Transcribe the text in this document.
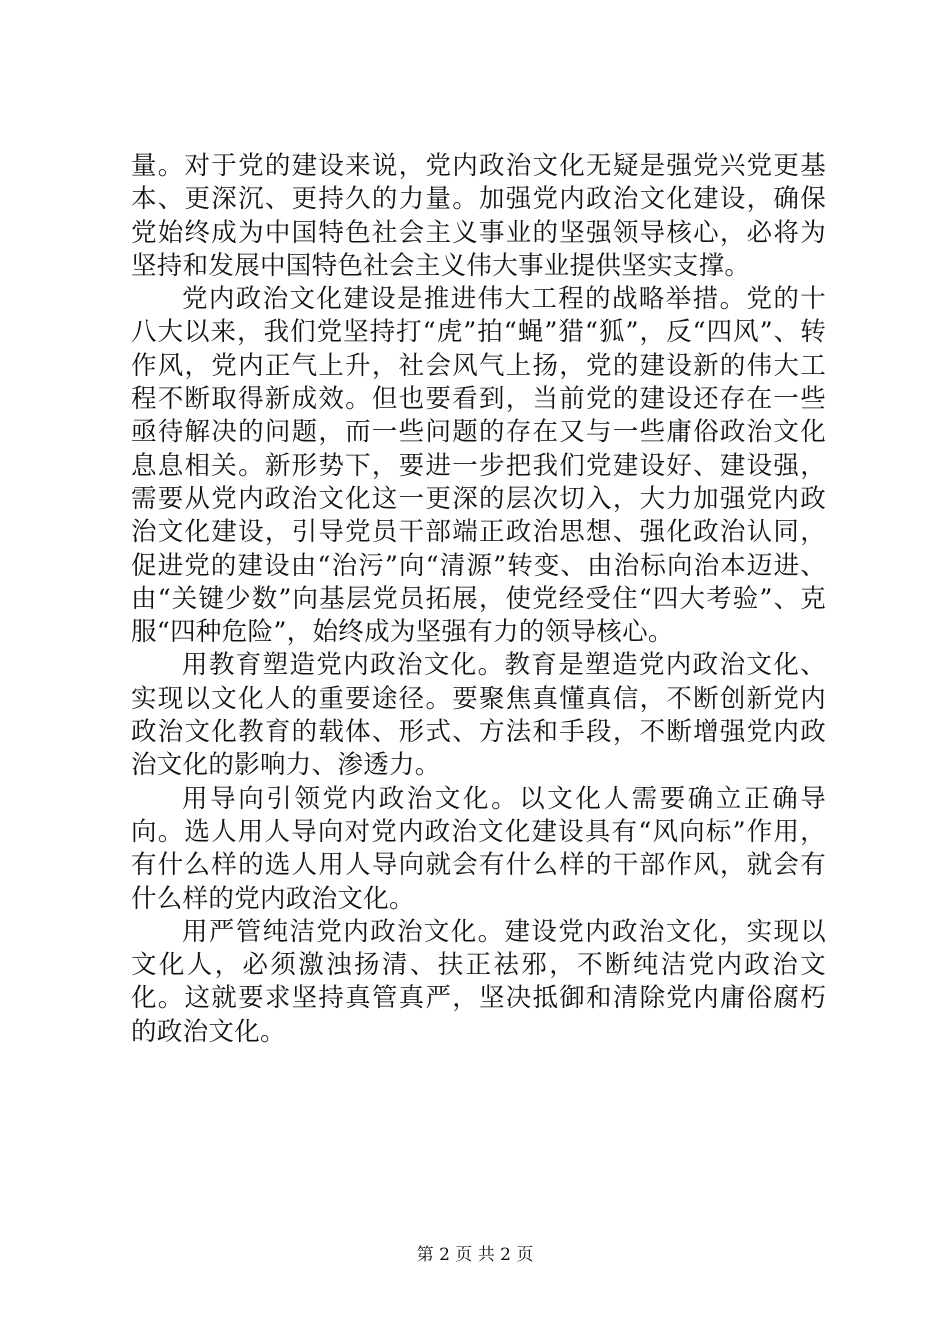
量。对于党的建设来说，党内政治文化无疑是强党兴党更基本、更深沉、更持久的力量。加强党内政治文化建设，确保党始终成为中国特色社会主义事业的坚强领导核心，必将为坚持和发展中国特色社会主义伟大事业提供坚实支撑。

党内政治文化建设是推进伟大工程的战略举措。党的十八大以来，我们党坚持打“虎”拍“蝇”猎“狐”，反“四风”、转作风，党内正气上升，社会风气上扬，党的建设新的伟大工程不断取得新成效。但也要看到，当前党的建设还存在一些亟待解决的问题，而一些问题的存在又与一些庸俗政治文化息息相关。新形势下，要进一步把我们党建设好、建设强，需要从党内政治文化这一更深的层次切入，大力加强党内政治文化建设，引导党员干部端正政治思想、强化政治认同，促进党的建设由“治污”向“清源”转变、由治标向治本迈进、由“关键少数”向基层党员拓展，使党经受住“四大考验”、克服“四种危险”，始终成为坚强有力的领导核心。

用教育塑造党内政治文化。教育是塑造党内政治文化、实现以文化人的重要途径。要聚焦真懂真信，不断创新党内政治文化教育的载体、形式、方法和手段，不断增强党内政治文化的影响力、渗透力。

用导向引领党内政治文化。以文化人需要确立正确导向。选人用人导向对党内政治文化建设具有“风向标”作用，有什么样的选人用人导向就会有什么样的干部作风，就会有什么样的党内政治文化。

用严管纯洁党内政治文化。建设党内政治文化，实现以文化人，必须激浊扬清、扶正祛邪，不断纯洁党内政治文化。这就要求坚持真管真严，坚决抵御和清除党内庸俗腐朽的政治文化。

第 2 页 共 2 页
